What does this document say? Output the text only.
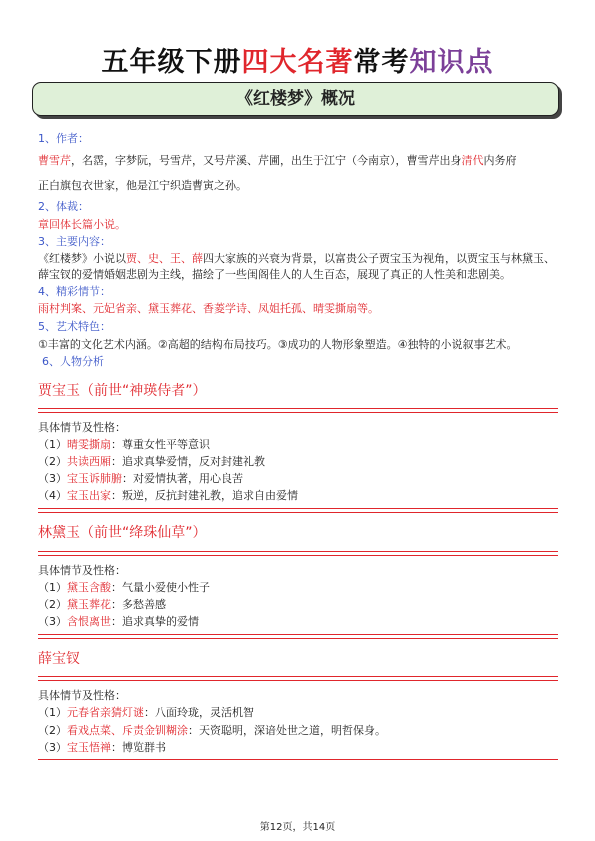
五年级下册四大名著常考知识点
《红楼梦》概况

1、作者：

曹雪芹，名霑，字梦阮，号雪芹，又号芹溪、芹圃，出生于江宁（今南京），曹雪芹出身清代内务府
正白旗包衣世家，他是江宁织造曹寅之孙。

2、体裁：

章回体长篇小说。

3、主要内容：

《红楼梦》小说以贾、史、王、薛四大家族的兴衰为背景，以富贵公子贾宝玉为视角，以贾宝玉与林黛玉、薛宝钗的爱情婚姻悲剧为主线，描绘了一些闺阁佳人的人生百态，展现了真正的人性美和悲剧美。

4、精彩情节：

雨村判案、元妃省亲、黛玉葬花、香菱学诗、凤姐托孤、晴雯撕扇等。

5、艺术特色：

①丰富的文化艺术内涵。②高超的结构布局技巧。③成功的人物形象塑造。④独特的小说叙事艺术。

6、人物分析

贾宝玉（前世“神瑛侍者”）

具体情节及性格：

（1）晴雯撕扇：尊重女性平等意识

（2）共读西厢：追求真挚爱情，反对封建礼教

（3）宝玉诉肺腑：对爱情执著，用心良苦

（4）宝玉出家：叛逆，反抗封建礼教，追求自由爱情

林黛玉（前世“绛珠仙草”）

具体情节及性格：

（1）黛玉含酸：气量小爱使小性子

（2）黛玉葬花：多愁善感

（3）含恨离世：追求真挚的爱情

薛宝钗

具体情节及性格：

（1）元春省亲猜灯谜：八面玲珑，灵活机智

（2）看戏点菜、斥责金钏糊涂：天资聪明，深谙处世之道，明哲保身。

（3）宝玉悟禅：博览群书

第12页，共14页
